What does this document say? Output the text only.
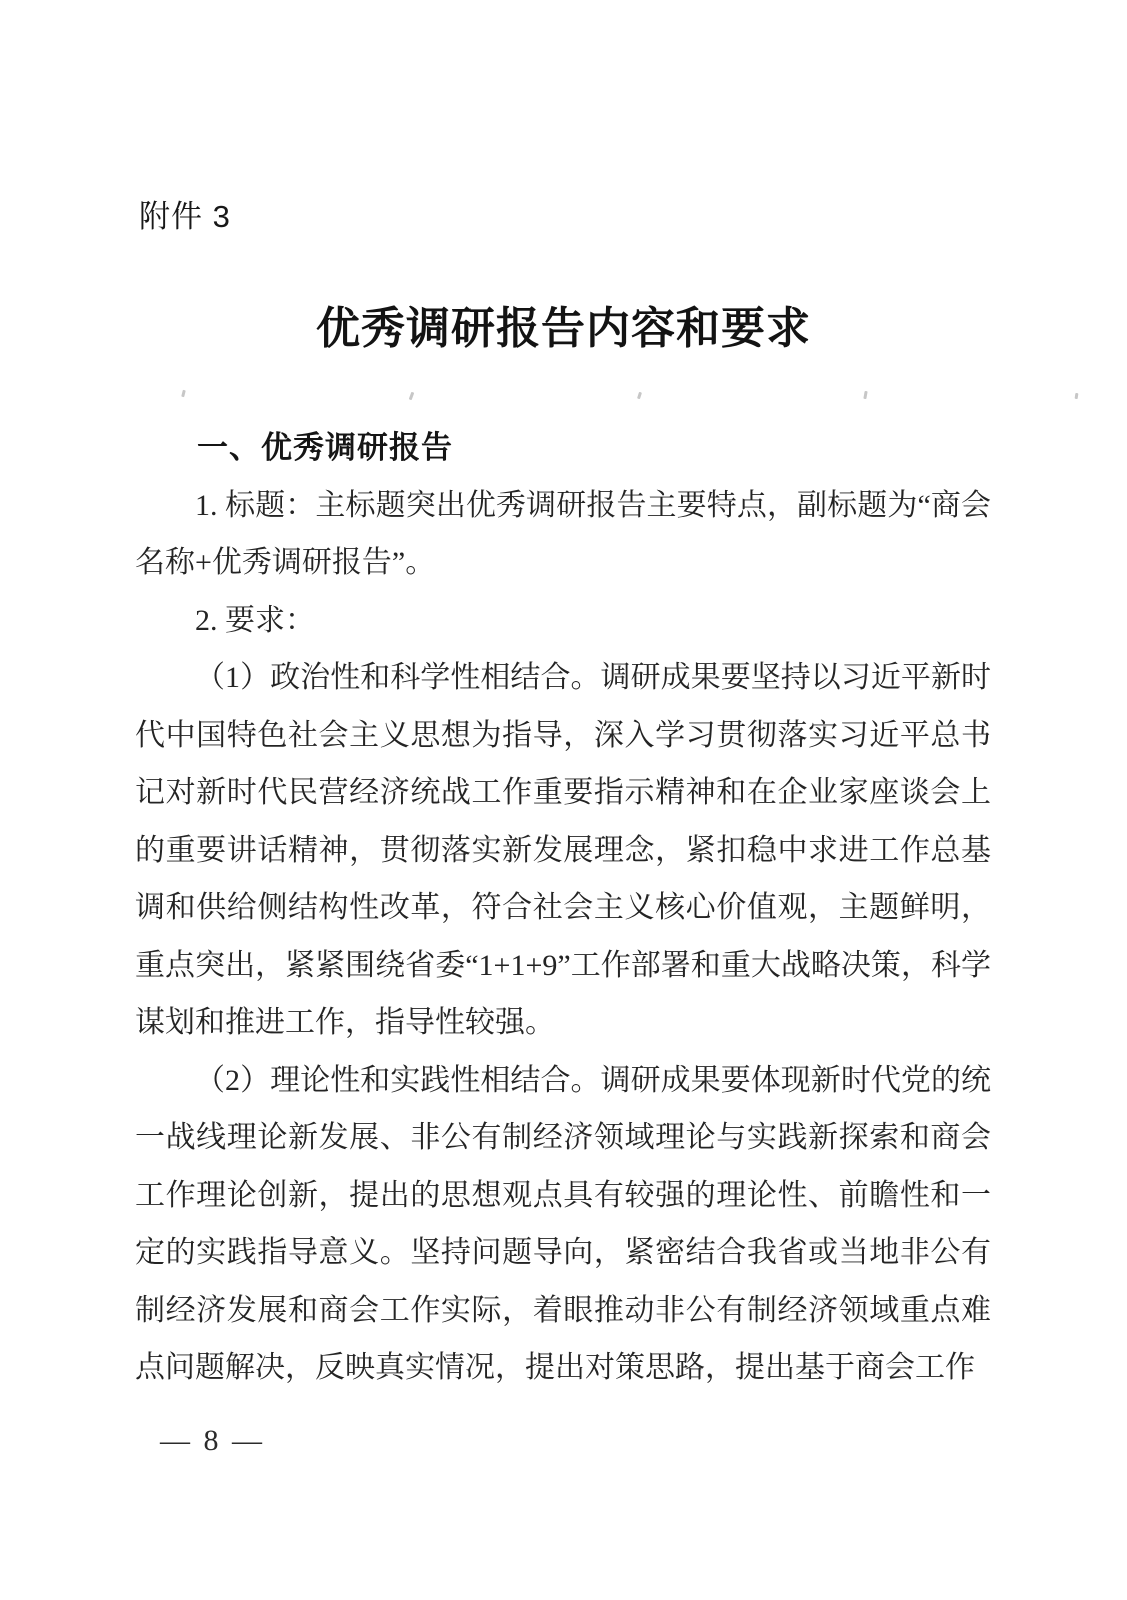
附件 3
优秀调研报告内容和要求
一、优秀调研报告

1. 标题：主标题突出优秀调研报告主要特点，副标题为“商会名称+优秀调研报告”。

2. 要求：

（1）政治性和科学性相结合。调研成果要坚持以习近平新时代中国特色社会主义思想为指导，深入学习贯彻落实习近平总书记对新时代民营经济统战工作重要指示精神和在企业家座谈会上的重要讲话精神，贯彻落实新发展理念，紧扣稳中求进工作总基调和供给侧结构性改革，符合社会主义核心价值观，主题鲜明，重点突出，紧紧围绕省委“1+1+9”工作部署和重大战略决策，科学谋划和推进工作，指导性较强。

（2）理论性和实践性相结合。调研成果要体现新时代党的统一战线理论新发展、非公有制经济领域理论与实践新探索和商会工作理论创新，提出的思想观点具有较强的理论性、前瞻性和一定的实践指导意义。坚持问题导向，紧密结合我省或当地非公有制经济发展和商会工作实际，着眼推动非公有制经济领域重点难点问题解决，反映真实情况，提出对策思路，提出基于商会工作

— 8 —
